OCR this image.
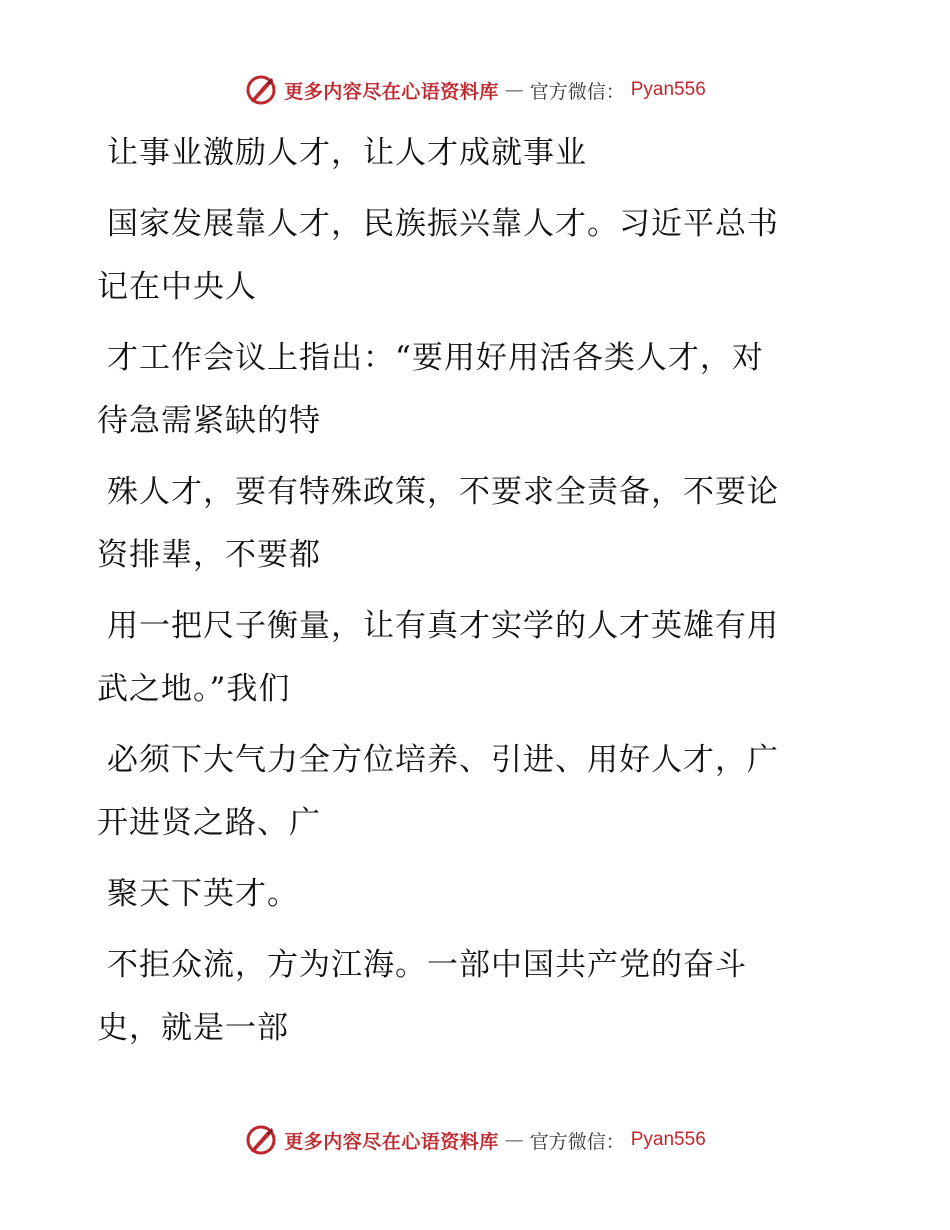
更多内容尽在心语资料库 — 官方微信： Pyan556
让事业激励人才，让人才成就事业
国家发展靠人才，民族振兴靠人才。习近平总书
记在中央人
才工作会议上指出：“要用好用活各类人才，对
待急需紧缺的特
殊人才，要有特殊政策，不要求全责备，不要论
资排辈，不要都
用一把尺子衡量，让有真才实学的人才英雄有用
武之地。”我们
必须下大气力全方位培养、引进、用好人才，广
开进贤之路、广
聚天下英才。
不拒众流，方为江海。一部中国共产党的奋斗
史，就是一部
更多内容尽在心语资料库 — 官方微信： Pyan556
